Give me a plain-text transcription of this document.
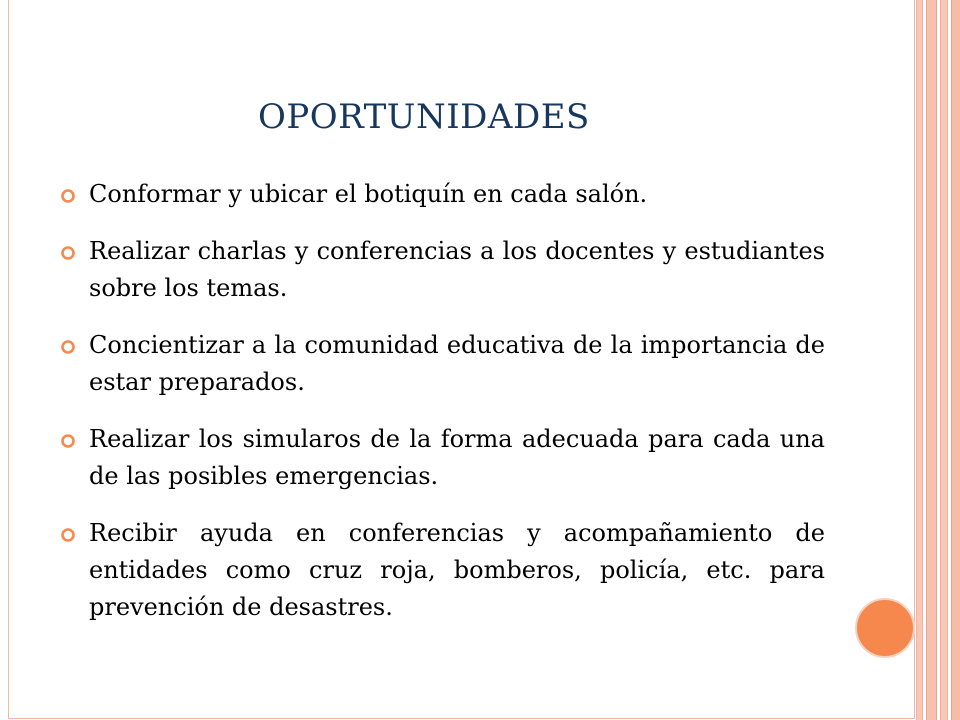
OPORTUNIDADES
Conformar y ubicar el botiquín en cada salón.
Realizar charlas y conferencias a los docentes y estudiantes sobre los temas.
Concientizar a la comunidad educativa de la importancia de estar preparados.
Realizar los simularos de la forma adecuada para cada una de las posibles emergencias.
Recibir ayuda en conferencias y acompañamiento de entidades como cruz roja, bomberos, policía, etc. para prevención de desastres.
